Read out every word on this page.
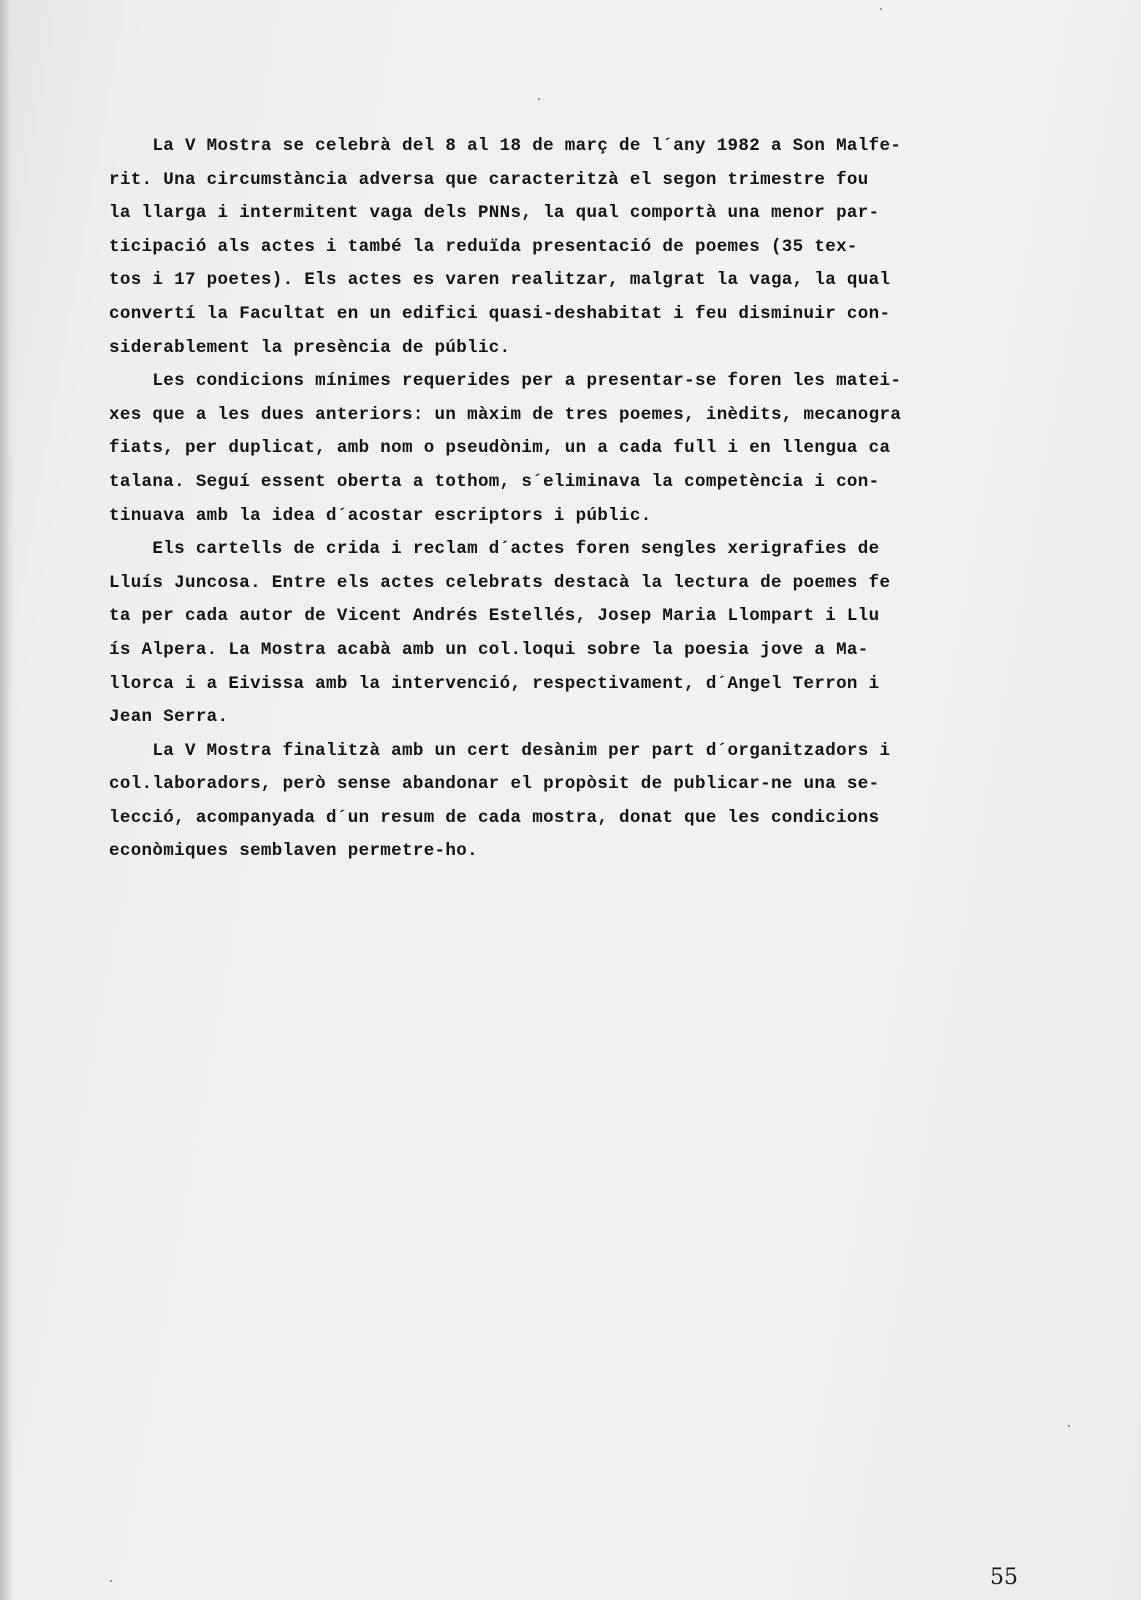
La V Mostra se celebrà del 8 al 18 de març de l´any 1982 a Son Malfe-
rit. Una circumstància adversa que caracteritzà el segon trimestre fou
la llarga i intermitent vaga dels PNNs, la qual comportà una menor par-
ticipació als actes i també la reduïda presentació de poemes (35 tex-
tos i 17 poetes). Els actes es varen realitzar, malgrat la vaga, la qual
convertí la Facultat en un edifici quasi-deshabitat i feu disminuir con-
siderablement la presència de públic.
Les condicions mínimes requerides per a presentar-se foren les matei-
xes que a les dues anteriors: un màxim de tres poemes, inèdits, mecanogra
fiats, per duplicat, amb nom o pseudònim, un a cada full i en llengua ca
talana. Seguí essent oberta a tothom, s´eliminava la competència i con-
tinuava amb la idea d´acostar escriptors i públic.
Els cartells de crida i reclam d´actes foren sengles xerigrafies de
Lluís Juncosa. Entre els actes celebrats destacà la lectura de poemes fe
ta per cada autor de Vicent Andrés Estellés, Josep Maria Llompart i Llu
ís Alpera. La Mostra acabà amb un col.loqui sobre la poesia jove a Ma-
llorca i a Eivissa amb la intervenció, respectivament, d´Angel Terron i
Jean Serra.
La V Mostra finalitzà amb un cert desànim per part d´organitzadors i
col.laboradors, però sense abandonar el propòsit de publicar-ne una se-
lecció, acompanyada d´un resum de cada mostra, donat que les condicions
econòmiques semblaven permetre-ho.
55
